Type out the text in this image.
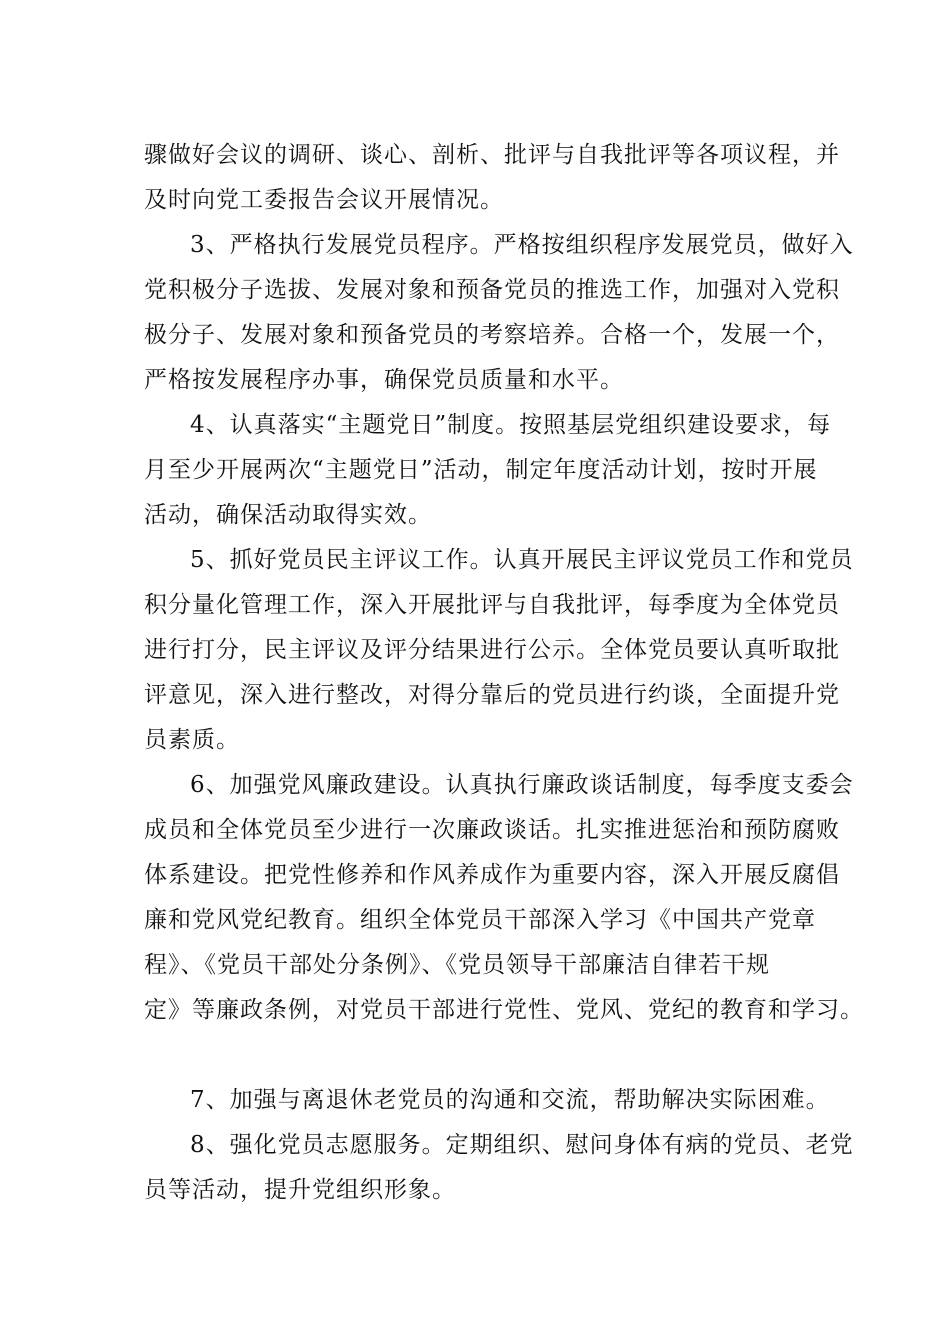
骤做好会议的调研、谈心、剖析、批评与自我批评等各项议程，并
及时向党工委报告会议开展情况。
3、严格执行发展党员程序。严格按组织程序发展党员，做好入
党积极分子选拔、发展对象和预备党员的推选工作，加强对入党积
极分子、发展对象和预备党员的考察培养。合格一个，发展一个，
严格按发展程序办事，确保党员质量和水平。
4、认真落实“主题党日”制度。按照基层党组织建设要求，每
月至少开展两次“主题党日”活动，制定年度活动计划，按时开展
活动，确保活动取得实效。
5、抓好党员民主评议工作。认真开展民主评议党员工作和党员
积分量化管理工作，深入开展批评与自我批评，每季度为全体党员
进行打分，民主评议及评分结果进行公示。全体党员要认真听取批
评意见，深入进行整改，对得分靠后的党员进行约谈，全面提升党
员素质。
6、加强党风廉政建设。认真执行廉政谈话制度，每季度支委会
成员和全体党员至少进行一次廉政谈话。扎实推进惩治和预防腐败
体系建设。把党性修养和作风养成作为重要内容，深入开展反腐倡
廉和党风党纪教育。组织全体党员干部深入学习《中国共产党章
程》、《党员干部处分条例》、《党员领导干部廉洁自律若干规
定》等廉政条例，对党员干部进行党性、党风、党纪的教育和学习。
7、加强与离退休老党员的沟通和交流，帮助解决实际困难。
8、强化党员志愿服务。定期组织、慰问身体有病的党员、老党
员等活动，提升党组织形象。
